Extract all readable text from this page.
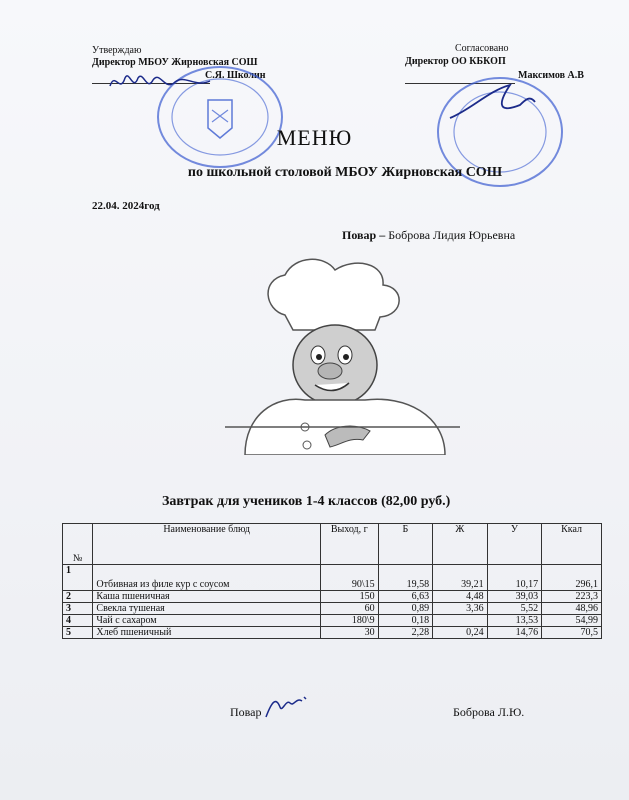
Утверждаю
Директор МБОУ Жирновская СОШ
С.Я. Школин
Согласовано
Директор ОО КБКОП
Максимов А.В
МЕНЮ
по школьной столовой МБОУ Жирновская СОШ
22.04. 2024год
Повар – Боброва Лидия Юрьевна
Завтрак для учеников 1-4 классов (82,00 руб.)
№	Наименование блюд	Выход, г	Б	Ж	У	Ккал
1	Отбивная из филе кур с соусом	90\15	19,58	39,21	10,17	296,1
2	Каша пшеничная	150	6,63	4,48	39,03	223,3
3	Свекла тушеная	60	0,89	3,36	5,52	48,96
4	Чай с сахаром	180\9	0,18		13,53	54,99
5	Хлеб пшеничный	30	2,28	0,24	14,76	70,5
Повар	Боброва Л.Ю.
